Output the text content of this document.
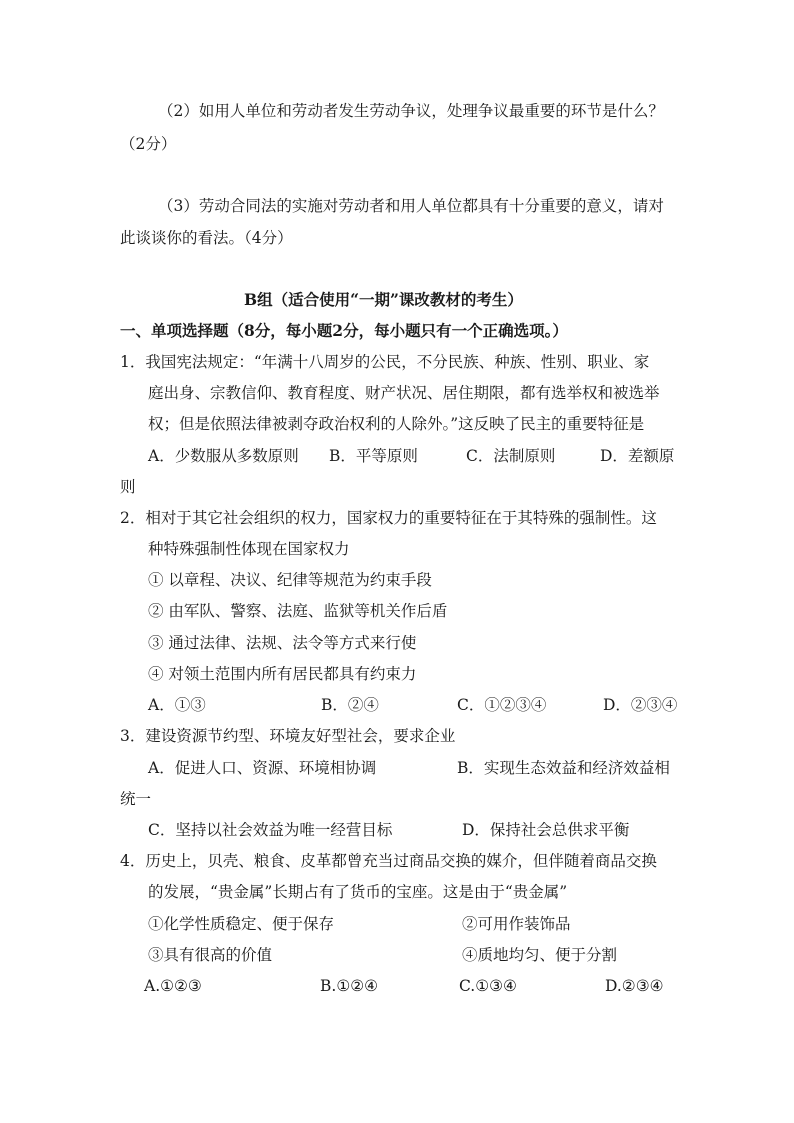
（2）如用人单位和劳动者发生劳动争议，处理争议最重要的环节是什么？
（2分）
（3）劳动合同法的实施对劳动者和用人单位都具有十分重要的意义，请对
此谈谈你的看法。（4分）
B组（适合使用“一期”课改教材的考生）
一、单项选择题（8分，每小题2分，每小题只有一个正确选项。）
1．我国宪法规定：“年满十八周岁的公民，不分民族、种族、性别、职业、家
庭出身、宗教信仰、教育程度、财产状况、居住期限，都有选举权和被选举
权；但是依照法律被剥夺政治权利的人除外。”这反映了民主的重要特征是
A．少数服从多数原则 B．平等原则	C．法制原则	D．差额原
则
2．相对于其它社会组织的权力，国家权力的重要特征在于其特殊的强制性。这
种特殊强制性体现在国家权力
① 以章程、决议、纪律等规范为约束手段
② 由军队、警察、法庭、监狱等机关作后盾
③ 通过法律、法规、法令等方式来行使
④ 对领土范围内所有居民都具有约束力
A．①③	B．②④	C．①②③④	D．②③④
3．建设资源节约型、环境友好型社会，要求企业
A．促进人口、资源、环境相协调	B．实现生态效益和经济效益相
统一
C．坚持以社会效益为唯一经营目标	D．保持社会总供求平衡
4．历史上，贝壳、粮食、皮革都曾充当过商品交换的媒介，但伴随着商品交换
的发展，“贵金属”长期占有了货币的宝座。这是由于“贵金属”
①化学性质稳定、便于保存	②可用作装饰品
③具有很高的价值	④质地均匀、便于分割
A.①②③	B.①②④	C.①③④	D.②③④
